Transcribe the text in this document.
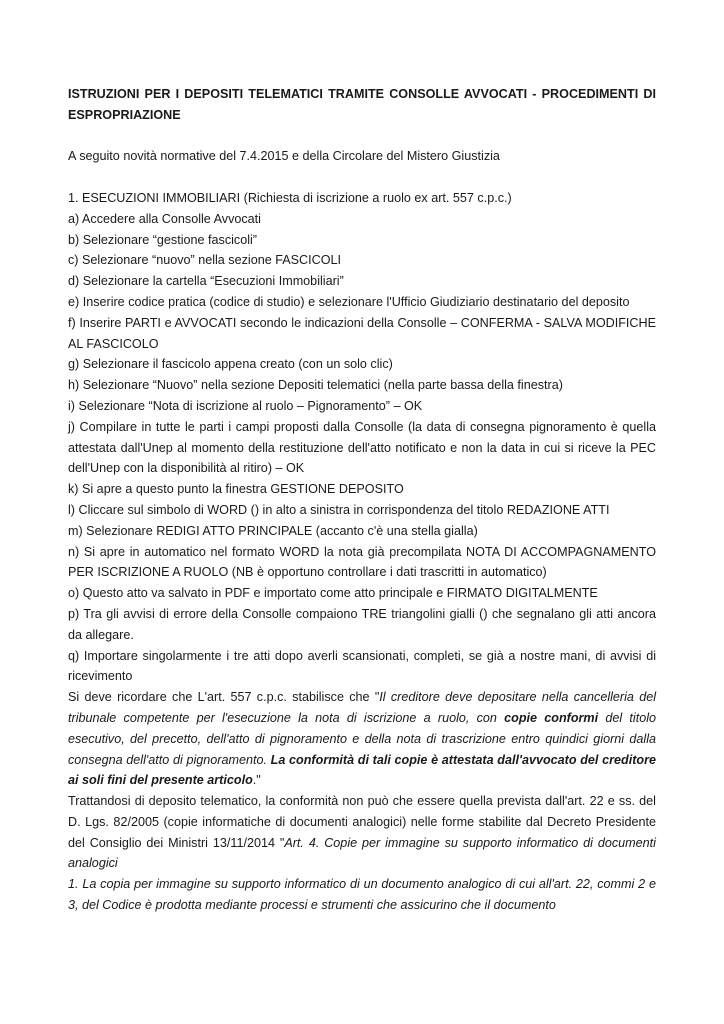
ISTRUZIONI PER I DEPOSITI TELEMATICI TRAMITE CONSOLLE AVVOCATI - PROCEDIMENTI DI ESPROPRIAZIONE

A seguito novità normative del 7.4.2015 e della Circolare del Mistero Giustizia

1. ESECUZIONI IMMOBILIARI (Richiesta di iscrizione a ruolo ex art. 557 c.p.c.)

a) Accedere alla Consolle Avvocati

b) Selezionare “gestione fascicoli”

c) Selezionare “nuovo” nella sezione FASCICOLI

d) Selezionare la cartella “Esecuzioni Immobiliari”

e) Inserire codice pratica (codice di studio) e selezionare l'Ufficio Giudiziario destinatario del deposito

f) Inserire PARTI e AVVOCATI secondo le indicazioni della Consolle – CONFERMA - SALVA MODIFICHE AL FASCICOLO

g) Selezionare il fascicolo appena creato (con un solo clic)

h) Selezionare “Nuovo” nella sezione Depositi telematici (nella parte bassa della finestra)

i) Selezionare “Nota di iscrizione al ruolo – Pignoramento” – OK

j) Compilare in tutte le parti i campi proposti dalla Consolle (la data di consegna pignoramento è quella attestata dall'Unep al momento della restituzione dell'atto notificato e non la data in cui si riceve la PEC dell'Unep con la disponibilità al ritiro) – OK

k) Si apre a questo punto la finestra GESTIONE DEPOSITO

l) Cliccare sul simbolo di WORD () in alto a sinistra in corrispondenza del titolo REDAZIONE ATTI

m) Selezionare REDIGI ATTO PRINCIPALE (accanto c'è una stella gialla)

n) Si apre in automatico nel formato WORD la nota già precompilata NOTA DI ACCOMPAGNAMENTO PER ISCRIZIONE A RUOLO (NB è opportuno controllare i dati trascritti in automatico)

o) Questo atto va salvato in PDF e importato come atto principale e FIRMATO DIGITALMENTE

p) Tra gli avvisi di errore della Consolle compaiono TRE triangolini gialli () che segnalano gli atti ancora da allegare.

q) Importare singolarmente i tre atti dopo averli scansionati, completi, se già a nostre mani, di avvisi di ricevimento

Si deve ricordare che L'art. 557 c.p.c. stabilisce che "Il creditore deve depositare nella cancelleria del tribunale competente per l'esecuzione la nota di iscrizione a ruolo, con copie conformi del titolo esecutivo, del precetto, dell'atto di pignoramento e della nota di trascrizione entro quindici giorni dalla consegna dell'atto di pignoramento. La conformità di tali copie è attestata dall'avvocato del creditore ai soli fini del presente articolo."

Trattandosi di deposito telematico, la conformità non può che essere quella prevista dall'art. 22 e ss. del D. Lgs. 82/2005 (copie informatiche di documenti analogici) nelle forme stabilite dal Decreto Presidente del Consiglio dei Ministri 13/11/2014 "Art. 4. Copie per immagine su supporto informatico di documenti analogici

1. La copia per immagine su supporto informatico di un documento analogico di cui all'art. 22, commi 2 e 3, del Codice è prodotta mediante processi e strumenti che assicurino che il documento
